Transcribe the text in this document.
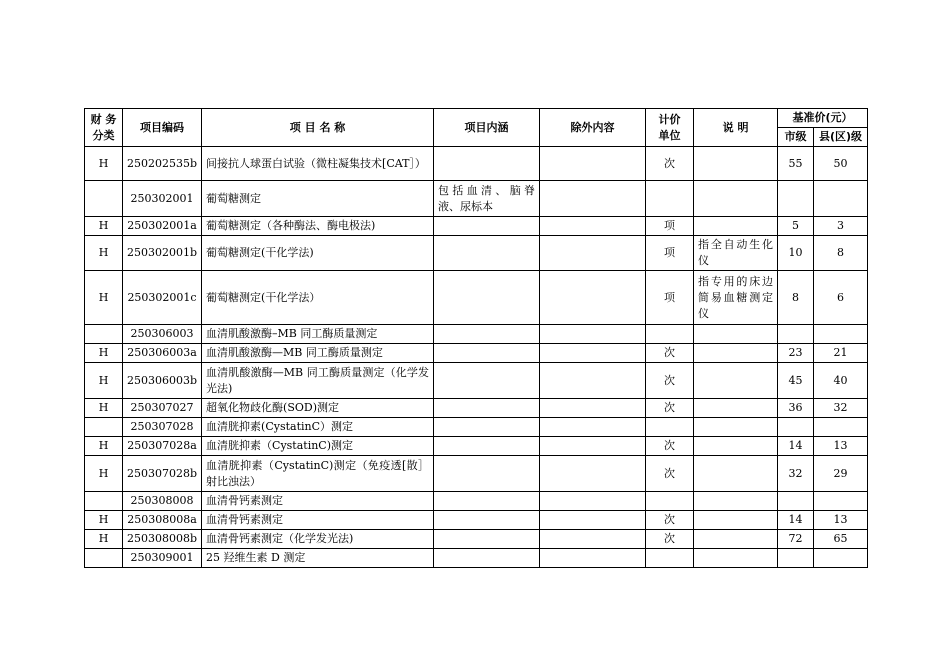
财 务
分类	项目编码	项 目 名 称	项目内涵	除外内容	计价
单位	说 明	基准价(元）	
							市级	县(区)级
H	250202535b	间接抗人球蛋白试验（微柱凝集技术[CAT］）			次		55	50
	250302001	葡萄糖测定	包括血清、脑脊液、尿标本					
H	250302001a	葡萄糖测定（各种酶法、酶电极法)			项		5	3
H	250302001b	葡萄糖测定(干化学法)			项	指全自动生化仪	10	8
H	250302001c	葡萄糖测定(干化学法）			项	指专用的床边简易血糖测定仪	8	6
	250306003	血清肌酸激酶–MB 同工酶质量测定						
H	250306003a	血清肌酸激酶—MB 同工酶质量测定			次		23	21
H	250306003b	血清肌酸激酶—MB 同工酶质量测定（化学发光法)			次		45	40
H	250307027	超氧化物歧化酶(SOD)测定			次		36	32
	250307028	血清胱抑素(CystatinC）测定						
H	250307028a	血清胱抑素（CystatinC)测定			次		14	13
H	250307028b	血清胱抑素（CystatinC)测定（免疫透[散］射比浊法）			次		32	29
	250308008	血清骨钙素测定						
H	250308008a	血清骨钙素测定			次		14	13
H	250308008b	血清骨钙素测定（化学发光法)			次		72	65
	250309001	25 羟维生素 D 测定						
